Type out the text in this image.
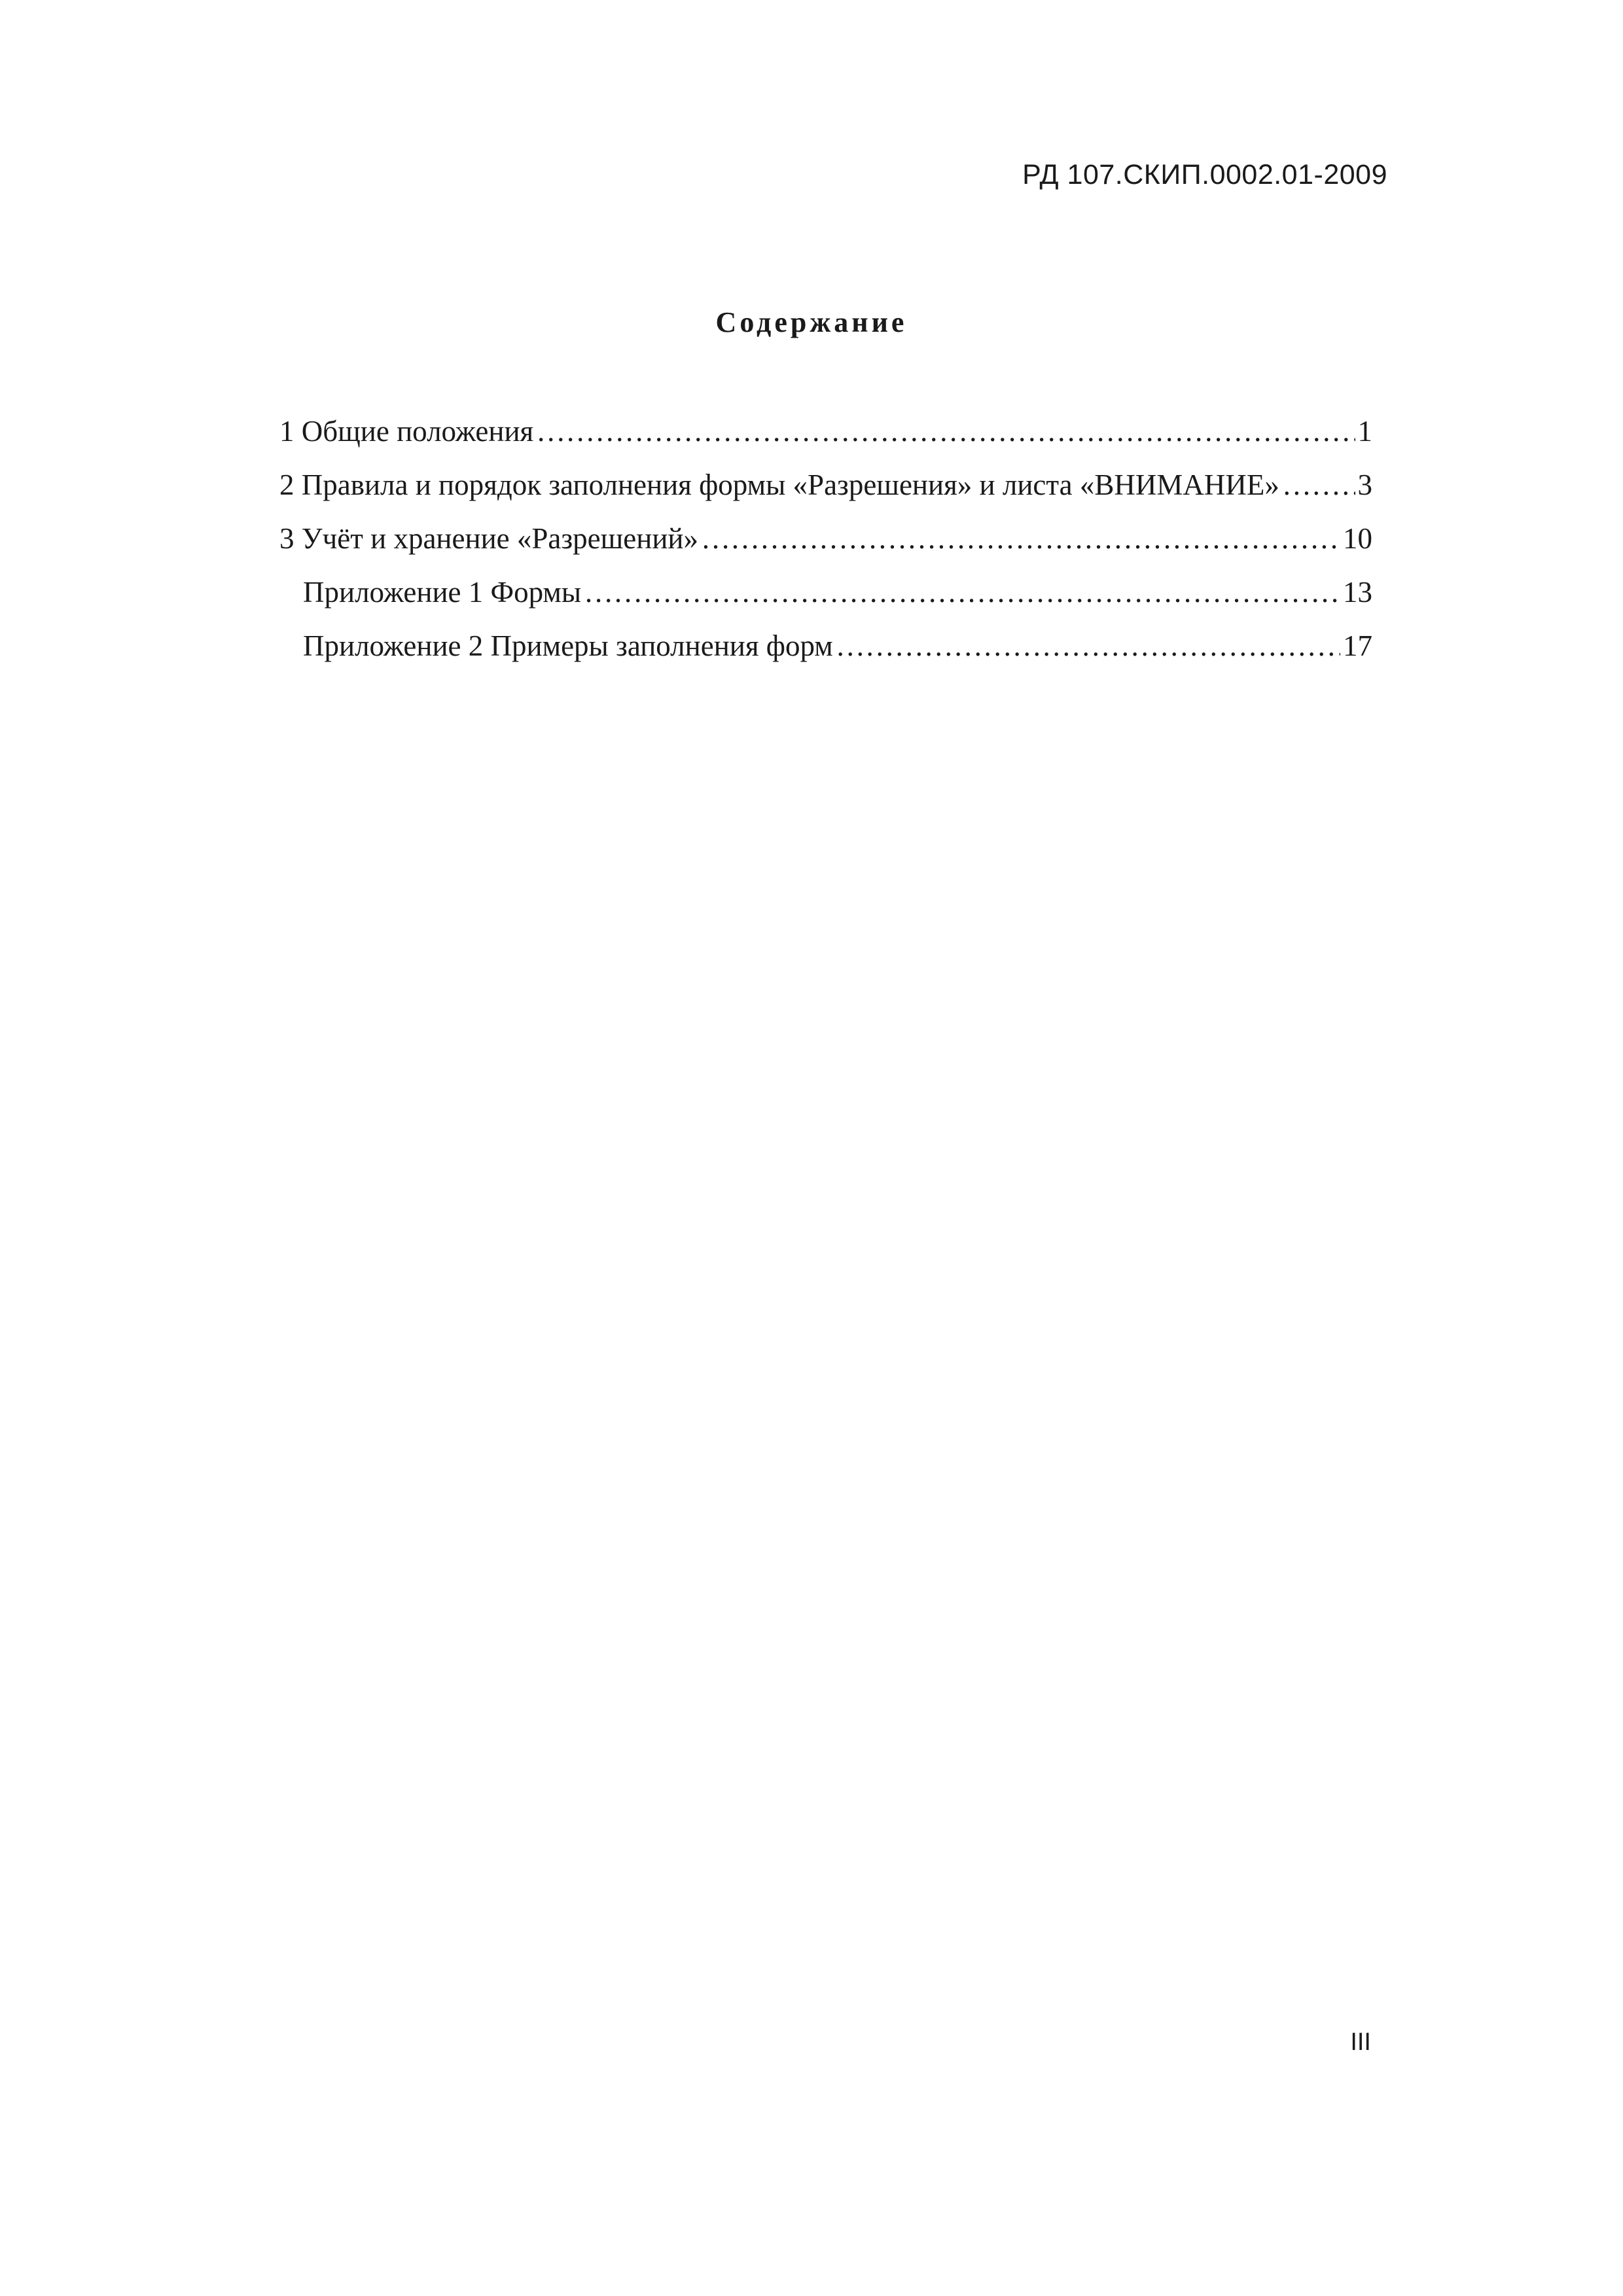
РД 107.СКИП.0002.01-2009
Содержание
1 Общие положения …………………………………………………………………………………………………………………………………………………………………………………	1
2 Правила и порядок заполнения формы «Разрешения» и листа «ВНИМАНИЕ» …………………………………………………………………………………………………………………………………………………………………………………	3
3 Учёт и хранение «Разрешений» …………………………………………………………………………………………………………………………………………………………………………………	10
Приложение 1 Формы …………………………………………………………………………………………………………………………………………………………………………………	13
Приложение 2 Примеры заполнения форм …………………………………………………………………………………………………………………………………………………………………………………	17
III
